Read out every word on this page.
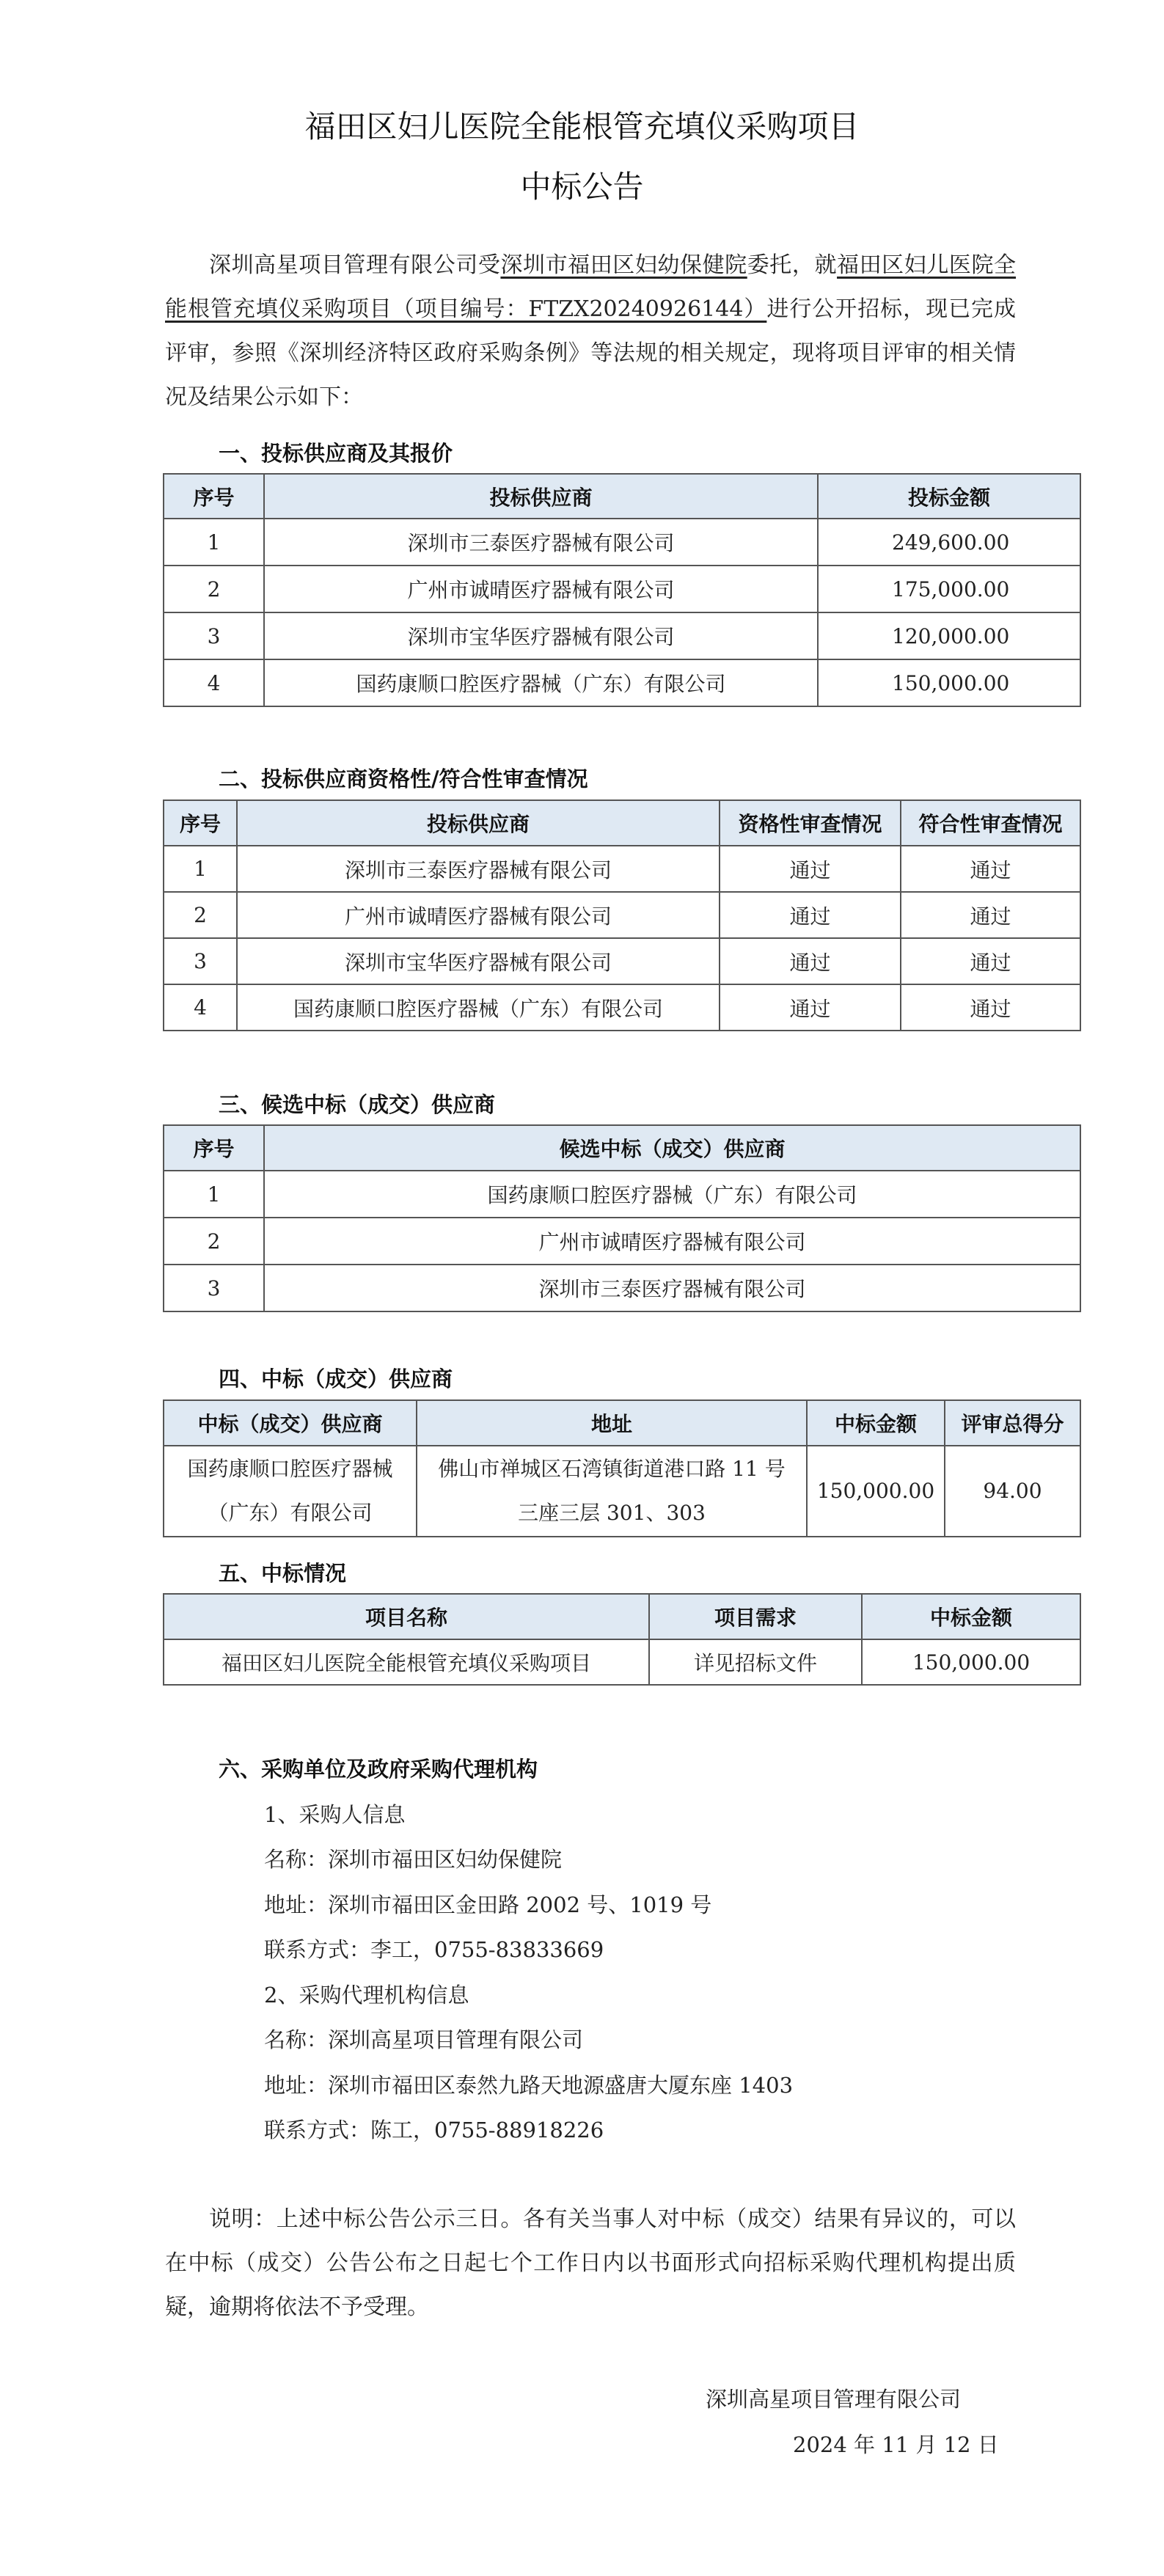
福田区妇儿医院全能根管充填仪采购项目
中标公告
深圳高星项目管理有限公司受深圳市福田区妇幼保健院委托，就福田区妇儿医院全能根管充填仪采购项目（项目编号：FTZX20240926144）进行公开招标，现已完成评审，参照《深圳经济特区政府采购条例》等法规的相关规定，现将项目评审的相关情况及结果公示如下：
一、投标供应商及其报价
序号	投标供应商	投标金额
1	深圳市三泰医疗器械有限公司	249,600.00
2	广州市诚晴医疗器械有限公司	175,000.00
3	深圳市宝华医疗器械有限公司	120,000.00
4	国药康顺口腔医疗器械（广东）有限公司	150,000.00
二、投标供应商资格性/符合性审查情况
序号	投标供应商	资格性审查情况	符合性审查情况
1	深圳市三泰医疗器械有限公司	通过	通过
2	广州市诚晴医疗器械有限公司	通过	通过
3	深圳市宝华医疗器械有限公司	通过	通过
4	国药康顺口腔医疗器械（广东）有限公司	通过	通过
三、候选中标（成交）供应商
序号	候选中标（成交）供应商
1	国药康顺口腔医疗器械（广东）有限公司
2	广州市诚晴医疗器械有限公司
3	深圳市三泰医疗器械有限公司
四、中标（成交）供应商
中标（成交）供应商	地址	中标金额	评审总得分
国药康顺口腔医疗器械（广东）有限公司	佛山市禅城区石湾镇街道港口路 11 号三座三层 301、303	150,000.00	94.00
五、中标情况
项目名称	项目需求	中标金额
福田区妇儿医院全能根管充填仪采购项目	详见招标文件	150,000.00
六、采购单位及政府采购代理机构
1、采购人信息
名称：深圳市福田区妇幼保健院
地址：深圳市福田区金田路 2002 号、1019 号
联系方式：李工，0755-83833669
2、采购代理机构信息
名称：深圳高星项目管理有限公司
地址：深圳市福田区泰然九路天地源盛唐大厦东座 1403
联系方式：陈工，0755-88918226
说明：上述中标公告公示三日。各有关当事人对中标（成交）结果有异议的，可以在中标（成交）公告公布之日起七个工作日内以书面形式向招标采购代理机构提出质疑，逾期将依法不予受理。
深圳高星项目管理有限公司
2024 年 11 月 12 日
